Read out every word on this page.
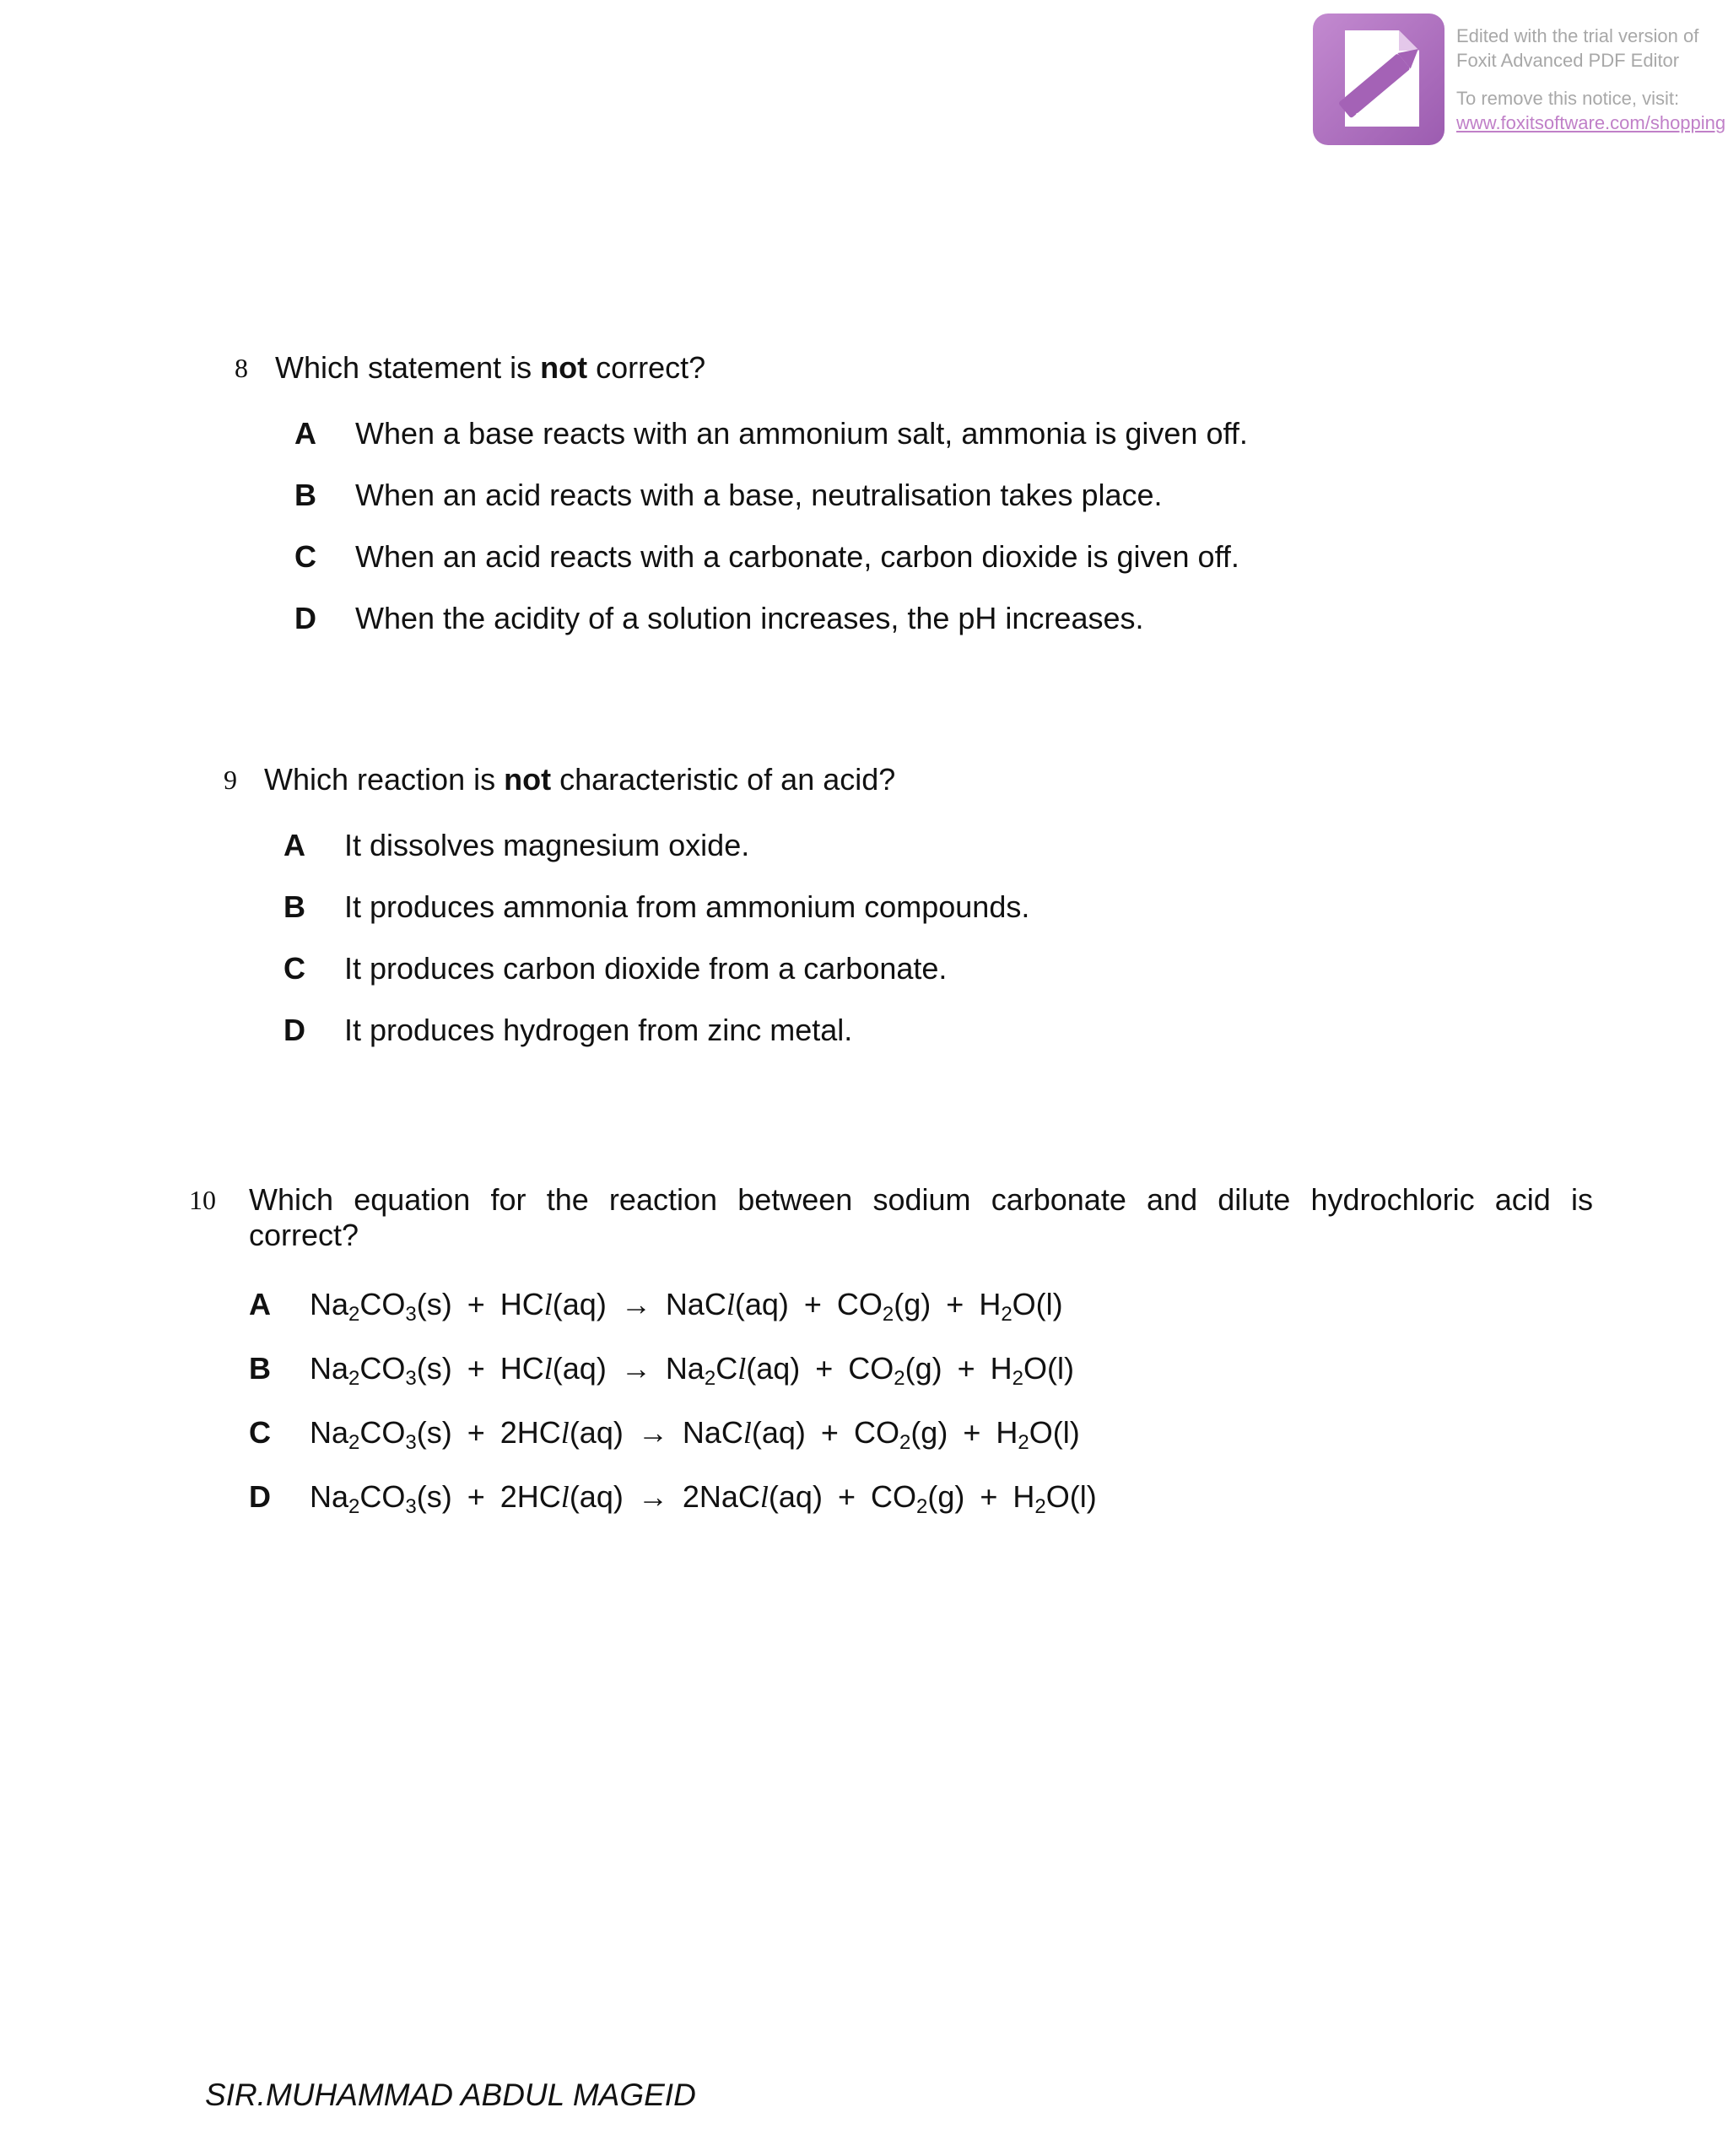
Edited with the trial version of
Foxit Advanced PDF Editor
To remove this notice, visit:
www.foxitsoftware.com/shopping
8 Which statement is not correct?
A When a base reacts with an ammonium salt, ammonia is given off.
B When an acid reacts with a base, neutralisation takes place.
C When an acid reacts with a carbonate, carbon dioxide is given off.
D When the acidity of a solution increases, the pH increases.
9 Which reaction is not characteristic of an acid?
A It dissolves magnesium oxide.
B It produces ammonia from ammonium compounds.
C It produces carbon dioxide from a carbonate.
D It produces hydrogen from zinc metal.
10 Which equation for the reaction between sodium carbonate and dilute hydrochloric acid is
correct?
A $Na_2CO_3(s) + HCl(aq)$ → NaCl(aq) + $CO_2(g) + H_2O(l)$
B $Na_2CO_3(s) + HCl(aq) \to Na_2Cl(aq) + CO_2(g) + H_2O(l)$
C $Na_2CO_3(s) + 2HCl(aq)$ → NaCl(aq) + $CO_2(g) + H_2O(l)$
D $Na_2CO_3(s) + 2HCl(aq)$ → 2NaCl(aq) + $CO_2(g) + H_2O(l)$
SIR.MUHAMMAD ABDUL MAGEID
